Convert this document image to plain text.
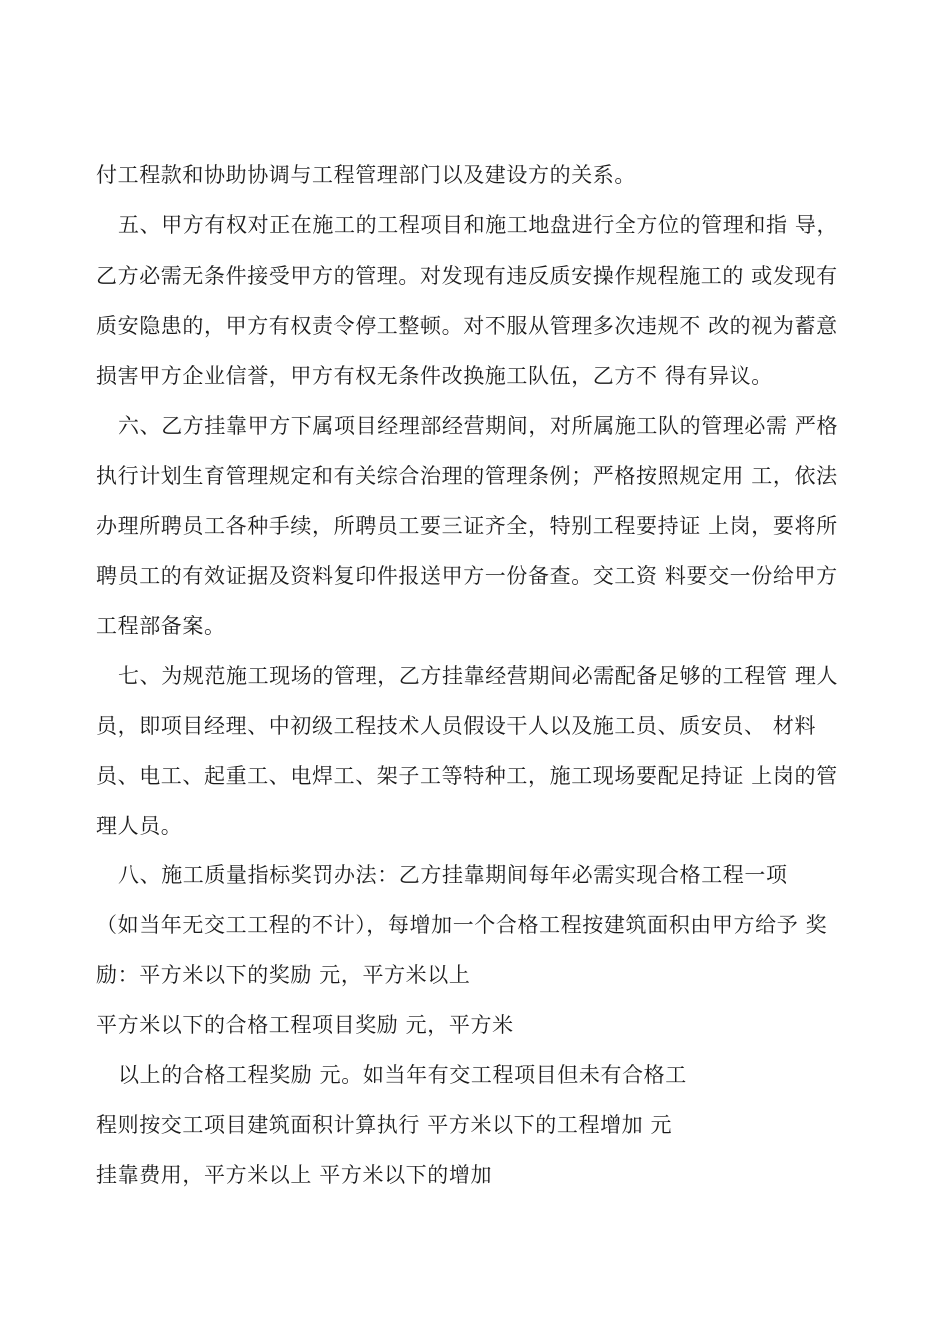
付工程款和协助协调与工程管理部门以及建设方的关系。
五、甲方有权对正在施工的工程项目和施工地盘进行全方位的管理和指 导，
乙方必需无条件接受甲方的管理。对发现有违反质安操作规程施工的 或发现有
质安隐患的，甲方有权责令停工整顿。对不服从管理多次违规不 改的视为蓄意
损害甲方企业信誉，甲方有权无条件改换施工队伍，乙方不 得有异议。
六、乙方挂靠甲方下属项目经理部经营期间，对所属施工队的管理必需 严格
执行计划生育管理规定和有关综合治理的管理条例；严格按照规定用 工，依法
办理所聘员工各种手续，所聘员工要三证齐全，特别工程要持证 上岗，要将所
聘员工的有效证据及资料复印件报送甲方一份备查。交工资 料要交一份给甲方
工程部备案。
七、为规范施工现场的管理，乙方挂靠经营期间必需配备足够的工程管 理人
员，即项目经理、中初级工程技术人员假设干人以及施工员、质安员、 材料
员、电工、起重工、电焊工、架子工等特种工，施工现场要配足持证 上岗的管
理人员。
八、施工质量指标奖罚办法：乙方挂靠期间每年必需实现合格工程一项
（如当年无交工工程的不计），每增加一个合格工程按建筑面积由甲方给予 奖
励：平方米以下的奖励 元，平方米以上
平方米以下的合格工程项目奖励 元，平方米
以上的合格工程奖励 元。如当年有交工程项目但未有合格工
程则按交工项目建筑面积计算执行 平方米以下的工程增加 元
挂靠费用，平方米以上 平方米以下的增加
